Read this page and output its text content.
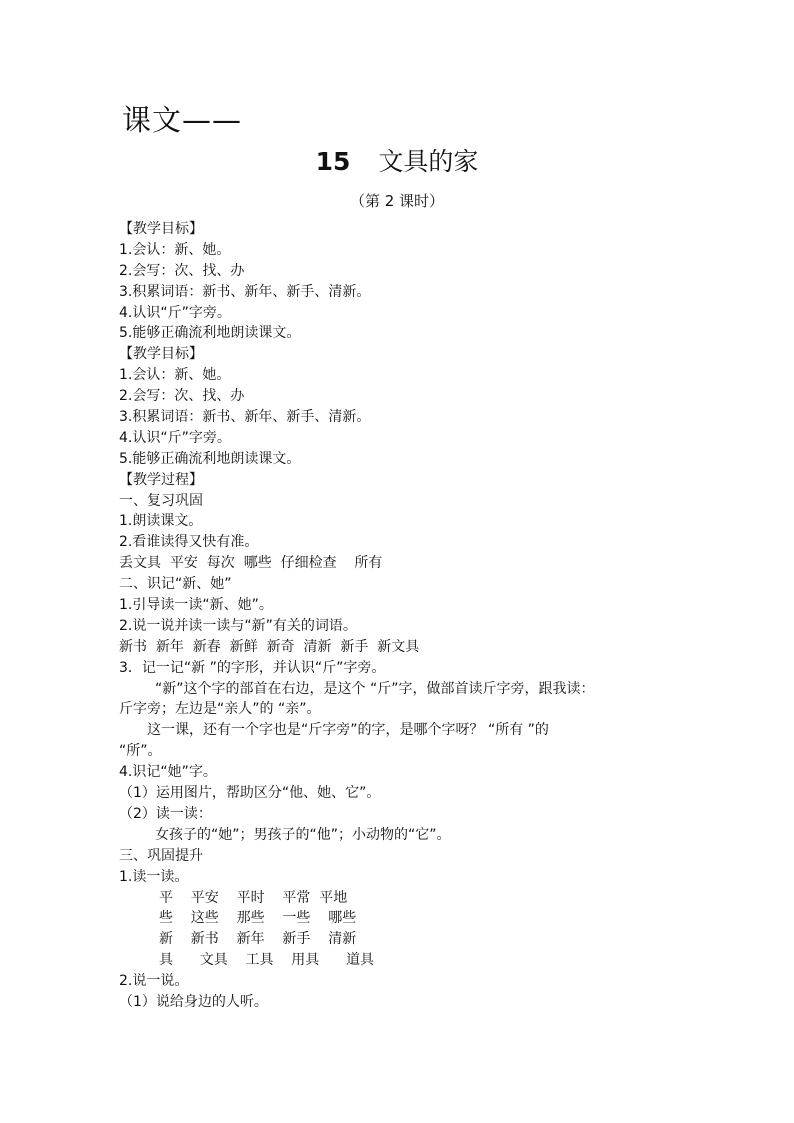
课文——
15 文具的家
（第 2 课时）
【教学目标】
1.会认：新、她。
2.会写：次、找、办
3.积累词语：新书、新年、新手、清新。
4.认识“斤”字旁。
5.能够正确流利地朗读课文。
【教学目标】
1.会认：新、她。
2.会写：次、找、办
3.积累词语：新书、新年、新手、清新。
4.认识“斤”字旁。
5.能够正确流利地朗读课文。
【教学过程】
一、复习巩固
1.朗读课文。
2.看谁读得又快有准。
丢文具  平安  每次  哪些  仔细检查    所有
二、识记“新、她”
1.引导读一读“新、她”。
2.说一说并读一读与“新”有关的词语。
新书  新年  新春  新鲜  新奇  清新  新手  新文具
3．记一记“新 ”的字形，并认识“斤”字旁。
“新”这个字的部首在右边，是这个 “斤”字，做部首读斤字旁，跟我读：
斤字旁；左边是“亲人”的 “亲”。
这一课，还有一个字也是“斤字旁”的字，是哪个字呀？ “所有 ”的
“所”。
4.识记“她”字。
（1）运用图片，帮助区分“他、她、它”。
（2）读一读：
女孩子的“她”；男孩子的“他”；小动物的“它”。
三、巩固提升
1.读一读。
平    平安    平时    平常  平地
些    这些    那些    一些    哪些
新    新书    新年    新手    清新
具      文具    工具    用具      道具
2.说一说。
（1）说给身边的人听。
